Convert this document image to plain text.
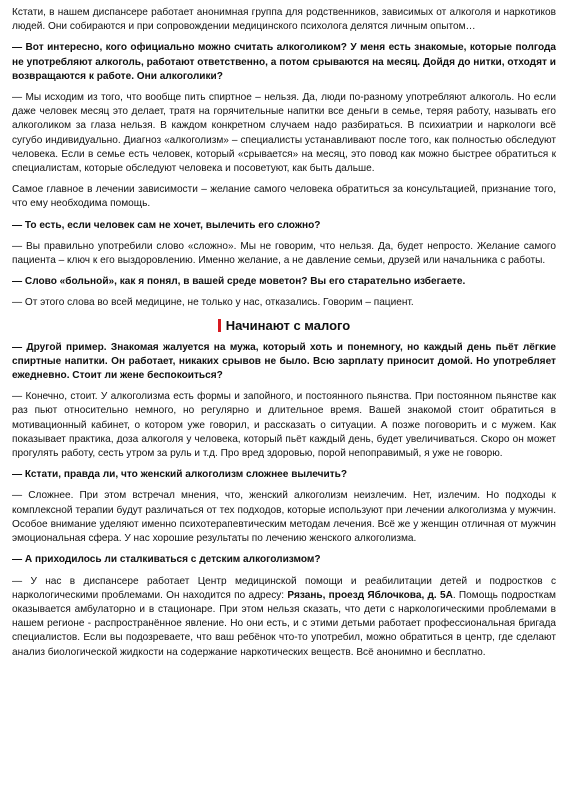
Кстати, в нашем диспансере работает анонимная группа для родственников, зависимых от алкоголя и наркотиков людей. Они собираются и при сопровождении медицинского психолога делятся личным опытом…

— Вот интересно, кого официально можно считать алкоголиком? У меня есть знакомые, которые полгода не употребляют алкоголь, работают ответственно, а потом срываются на месяц. Дойдя до нитки, отходят и возвращаются к работе. Они алкоголики?

— Мы исходим из того, что вообще пить спиртное – нельзя. Да, люди по-разному употребляют алкоголь. Но если даже человек месяц это делает, тратя на горячительные напитки все деньги в семье, теряя работу, называть его алкоголиком за глаза нельзя. В каждом конкретном случаем надо разбираться. В психиатрии и наркологи всё сугубо индивидуально. Диагноз «алкоголизм» – специалисты устанавливают после того, как полностью обследуют человека. Если в семье есть человек, который «срывается» на месяц, это повод как можно быстрее обратиться к специалистам, которые обследуют человека и посоветуют, как быть дальше.

Самое главное в лечении зависимости – желание самого человека обратиться за консультацией, признание того, что ему необходима помощь.

— То есть, если человек сам не хочет, вылечить его сложно?

— Вы правильно употребили слово «сложно». Мы не говорим, что нельзя. Да, будет непросто. Желание самого пациента – ключ к его выздоровлению. Именно желание, а не давление семьи, друзей или начальника с работы.

— Слово «больной», как я понял, в вашей среде моветон? Вы его старательно избегаете.

— От этого слова во всей медицине, не только у нас, отказались. Говорим – пациент.

Начинают с малого

— Другой пример. Знакомая жалуется на мужа, который хоть и понемногу, но каждый день пьёт лёгкие спиртные напитки. Он работает, никаких срывов не было. Всю зарплату приносит домой. Но употребляет ежедневно. Стоит ли жене беспокоиться?

— Конечно, стоит. У алкоголизма есть формы и запойного, и постоянного пьянства. При постоянном пьянстве как раз пьют относительно немного, но регулярно и длительное время. Вашей знакомой стоит обратиться в мотивационный кабинет, о котором уже говорил, и рассказать о ситуации. А позже поговорить и с мужем. Как показывает практика, доза алкоголя у человека, который пьёт каждый день, будет увеличиваться. Скоро он может прогулять работу, сесть утром за руль и т.д. Про вред здоровью, порой непоправимый, я уже не говорю.

— Кстати, правда ли, что женский алкоголизм сложнее вылечить?

— Сложнее. При этом встречал мнения, что, женский алкоголизм неизлечим. Нет, излечим. Но подходы к комплексной терапии будут различаться от тех подходов, которые используют при лечении алкоголизма у мужчин. Особое внимание уделяют именно психотерапевтическим методам лечения. Всё же у женщин отличная от мужчин эмоциональная сфера. У нас хорошие результаты по лечению женского алкоголизма.

— А приходилось ли сталкиваться с детским алкоголизмом?

— У нас в диспансере работает Центр медицинской помощи и реабилитации детей и подростков с наркологическими проблемами. Он находится по адресу: Рязань, проезд Яблочкова, д. 5А. Помощь подросткам оказывается амбулаторно и в стационаре. При этом нельзя сказать, что дети с наркологическими проблемами в нашем регионе - распространённое явление. Но они есть, и с этими детьми работает профессиональная бригада специалистов. Если вы подозреваете, что ваш ребёнок что-то употребил, можно обратиться в центр, где сделают анализ биологической жидкости на содержание наркотических веществ. Всё анонимно и бесплатно.
